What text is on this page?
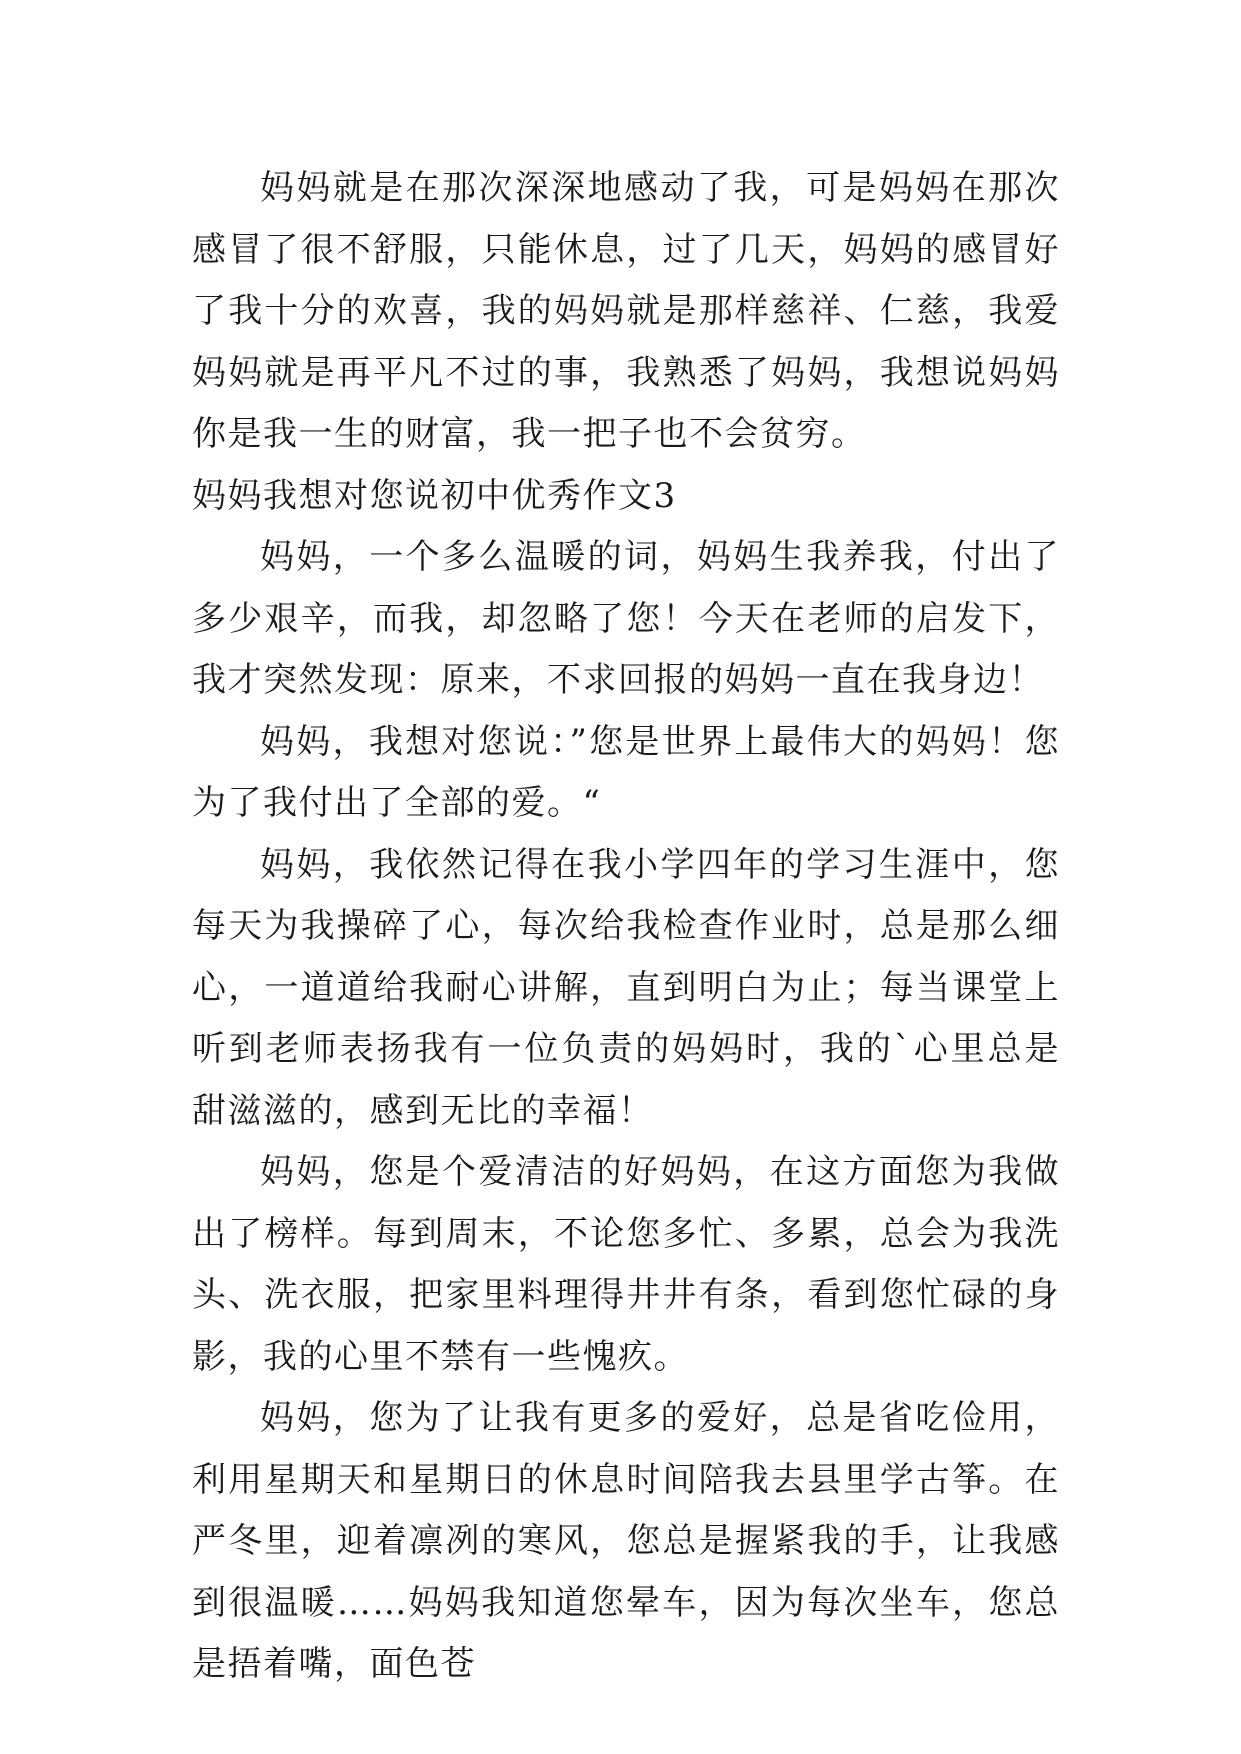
妈妈就是在那次深深地感动了我，可是妈妈在那次感冒了很不舒服，只能休息，过了几天，妈妈的感冒好了我十分的欢喜，我的妈妈就是那样慈祥、仁慈，我爱妈妈就是再平凡不过的事，我熟悉了妈妈，我想说妈妈你是我一生的财富，我一把子也不会贫穷。

妈妈我想对您说初中优秀作文3

妈妈，一个多么温暖的词，妈妈生我养我，付出了多少艰辛，而我，却忽略了您！今天在老师的启发下，我才突然发现：原来，不求回报的妈妈一直在我身边！

妈妈，我想对您说：”您是世界上最伟大的妈妈！您为了我付出了全部的爱。“

妈妈，我依然记得在我小学四年的学习生涯中，您每天为我操碎了心，每次给我检查作业时，总是那么细心，一道道给我耐心讲解，直到明白为止；每当课堂上听到老师表扬我有一位负责的妈妈时，我的`心里总是甜滋滋的，感到无比的幸福！

妈妈，您是个爱清洁的好妈妈，在这方面您为我做出了榜样。每到周末，不论您多忙、多累，总会为我洗头、洗衣服，把家里料理得井井有条，看到您忙碌的身影，我的心里不禁有一些愧疚。

妈妈，您为了让我有更多的爱好，总是省吃俭用，利用星期天和星期日的休息时间陪我去县里学古筝。在严冬里，迎着凛冽的寒风，您总是握紧我的手，让我感到很温暖……妈妈我知道您晕车，因为每次坐车，您总是捂着嘴，面色苍
